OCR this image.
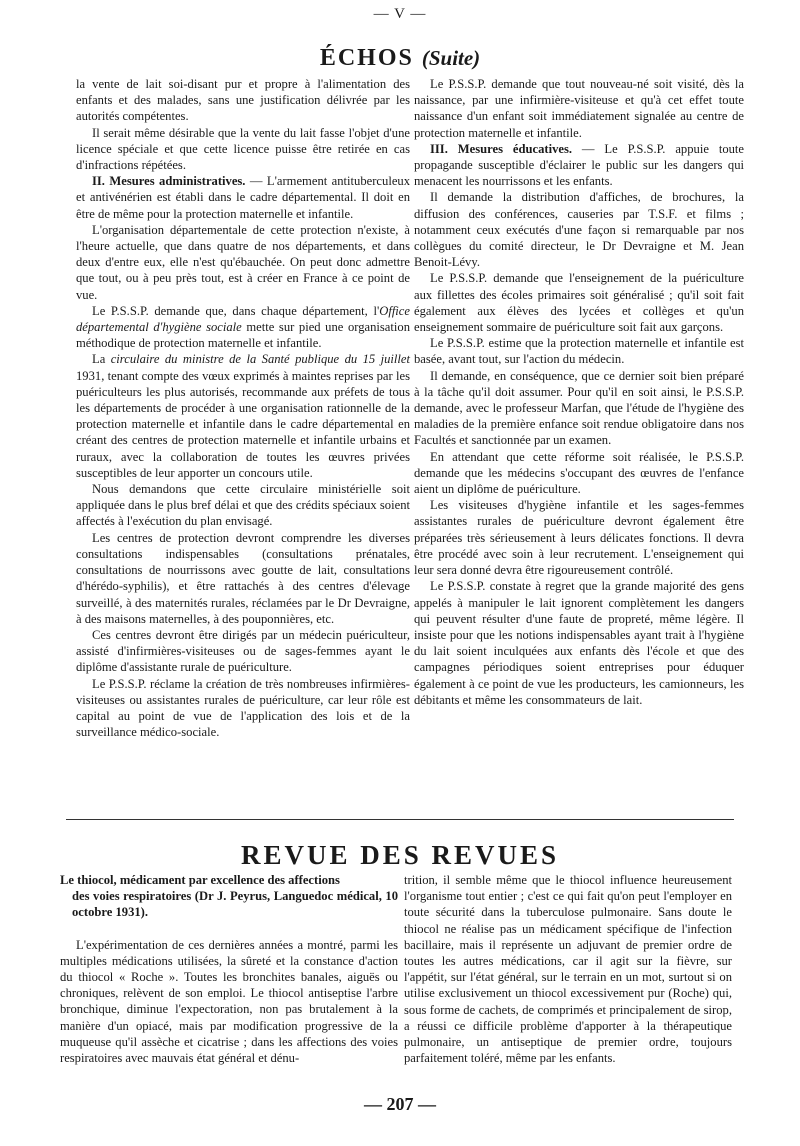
— V —
ÉCHOS (Suite)

la vente de lait soi-disant pur et propre à l'alimentation des enfants et des malades, sans une justification délivrée par les autorités compétentes.

Il serait même désirable que la vente du lait fasse l'objet d'une licence spéciale et que cette licence puisse être retirée en cas d'infractions répétées.

II. Mesures administratives. — L'armement antituberculeux et antivénérien est établi dans le cadre départemental. Il doit en être de même pour la protection maternelle et infantile.

L'organisation départementale de cette protection n'existe, à l'heure actuelle, que dans quatre de nos départements, et dans deux d'entre eux, elle n'est qu'ébauchée. On peut donc admettre que tout, ou à peu près tout, est à créer en France à ce point de vue.

Le P.S.S.P. demande que, dans chaque département, l'Office départemental d'hygiène sociale mette sur pied une organisation méthodique de protection maternelle et infantile.

La circulaire du ministre de la Santé publique du 15 juillet 1931, tenant compte des vœux exprimés à maintes reprises par les puériculteurs les plus autorisés, recommande aux préfets de tous les départements de procéder à une organisation rationnelle de la protection maternelle et infantile dans le cadre départemental en créant des centres de protection maternelle et infantile urbains et ruraux, avec la collaboration de toutes les œuvres privées susceptibles de leur apporter un concours utile.

Nous demandons que cette circulaire ministérielle soit appliquée dans le plus bref délai et que des crédits spéciaux soient affectés à l'exécution du plan envisagé.

Les centres de protection devront comprendre les diverses consultations indispensables (consultations prénatales, consultations de nourrissons avec goutte de lait, consultations d'hérédo-syphilis), et être rattachés à des centres d'élevage surveillé, à des maternités rurales, réclamées par le Dr Devraigne, à des maisons maternelles, à des pouponnières, etc.

Ces centres devront être dirigés par un médecin puériculteur, assisté d'infirmières-visiteuses ou de sages-femmes ayant le diplôme d'assistante rurale de puériculture.

Le P.S.S.P. réclame la création de très nombreuses infirmières-visiteuses ou assistantes rurales de puériculture, car leur rôle est capital au point de vue de l'application des lois et de la surveillance médico-sociale.

Le P.S.S.P. demande que tout nouveau-né soit visité, dès la naissance, par une infirmière-visiteuse et qu'à cet effet toute naissance d'un enfant soit immédiatement signalée au centre de protection maternelle et infantile.

III. Mesures éducatives. — Le P.S.S.P. appuie toute propagande susceptible d'éclairer le public sur les dangers qui menacent les nourrissons et les enfants.

Il demande la distribution d'affiches, de brochures, la diffusion des conférences, causeries par T.S.F. et films ; notamment ceux exécutés d'une façon si remarquable par nos collègues du comité directeur, le Dr Devraigne et M. Jean Benoit-Lévy.

Le P.S.S.P. demande que l'enseignement de la puériculture aux fillettes des écoles primaires soit généralisé ; qu'il soit fait également aux élèves des lycées et collèges et qu'un enseignement sommaire de puériculture soit fait aux garçons.

Le P.S.S.P. estime que la protection maternelle et infantile est basée, avant tout, sur l'action du médecin.

Il demande, en conséquence, que ce dernier soit bien préparé à la tâche qu'il doit assumer. Pour qu'il en soit ainsi, le P.S.S.P. demande, avec le professeur Marfan, que l'étude de l'hygiène des maladies de la première enfance soit rendue obligatoire dans nos Facultés et sanctionnée par un examen.

En attendant que cette réforme soit réalisée, le P.S.S.P. demande que les médecins s'occupant des œuvres de l'enfance aient un diplôme de puériculture.

Les visiteuses d'hygiène infantile et les sages-femmes assistantes rurales de puériculture devront également être préparées très sérieusement à leurs délicates fonctions. Il devra être procédé avec soin à leur recrutement. L'enseignement qui leur sera donné devra être rigoureusement contrôlé.

Le P.S.S.P. constate à regret que la grande majorité des gens appelés à manipuler le lait ignorent complètement les dangers qui peuvent résulter d'une faute de propreté, même légère. Il insiste pour que les notions indispensables ayant trait à l'hygiène du lait soient inculquées aux enfants dès l'école et que des campagnes périodiques soient entreprises pour éduquer également à ce point de vue les producteurs, les camionneurs, les débitants et même les consommateurs de lait.

REVUE DES REVUES

Le thiocol, médicament par excellence des affections
des voies respiratoires (Dr J. Peyrus, Languedoc médical, 10 octobre 1931).

L'expérimentation de ces dernières années a montré, parmi les multiples médications utilisées, la sûreté et la constance d'action du thiocol « Roche ». Toutes les bronchites banales, aiguës ou chroniques, relèvent de son emploi. Le thiocol antiseptise l'arbre bronchique, diminue l'expectoration, non pas brutalement à la manière d'un opiacé, mais par modification progressive de la muqueuse qu'il assèche et cicatrise ; dans les affections des voies respiratoires avec mauvais état général et dénu-

trition, il semble même que le thiocol influence heureusement l'organisme tout entier ; c'est ce qui fait qu'on peut l'employer en toute sécurité dans la tuberculose pulmonaire. Sans doute le thiocol ne réalise pas un médicament spécifique de l'infection bacillaire, mais il représente un adjuvant de premier ordre de toutes les autres médications, car il agit sur la fièvre, sur l'appétit, sur l'état général, sur le terrain en un mot, surtout si on utilise exclusivement un thiocol excessivement pur (Roche) qui, sous forme de cachets, de comprimés et principalement de sirop, a réussi ce difficile problème d'apporter à la thérapeutique pulmonaire, un antiseptique de premier ordre, toujours parfaitement toléré, même par les enfants.

— 207 —
